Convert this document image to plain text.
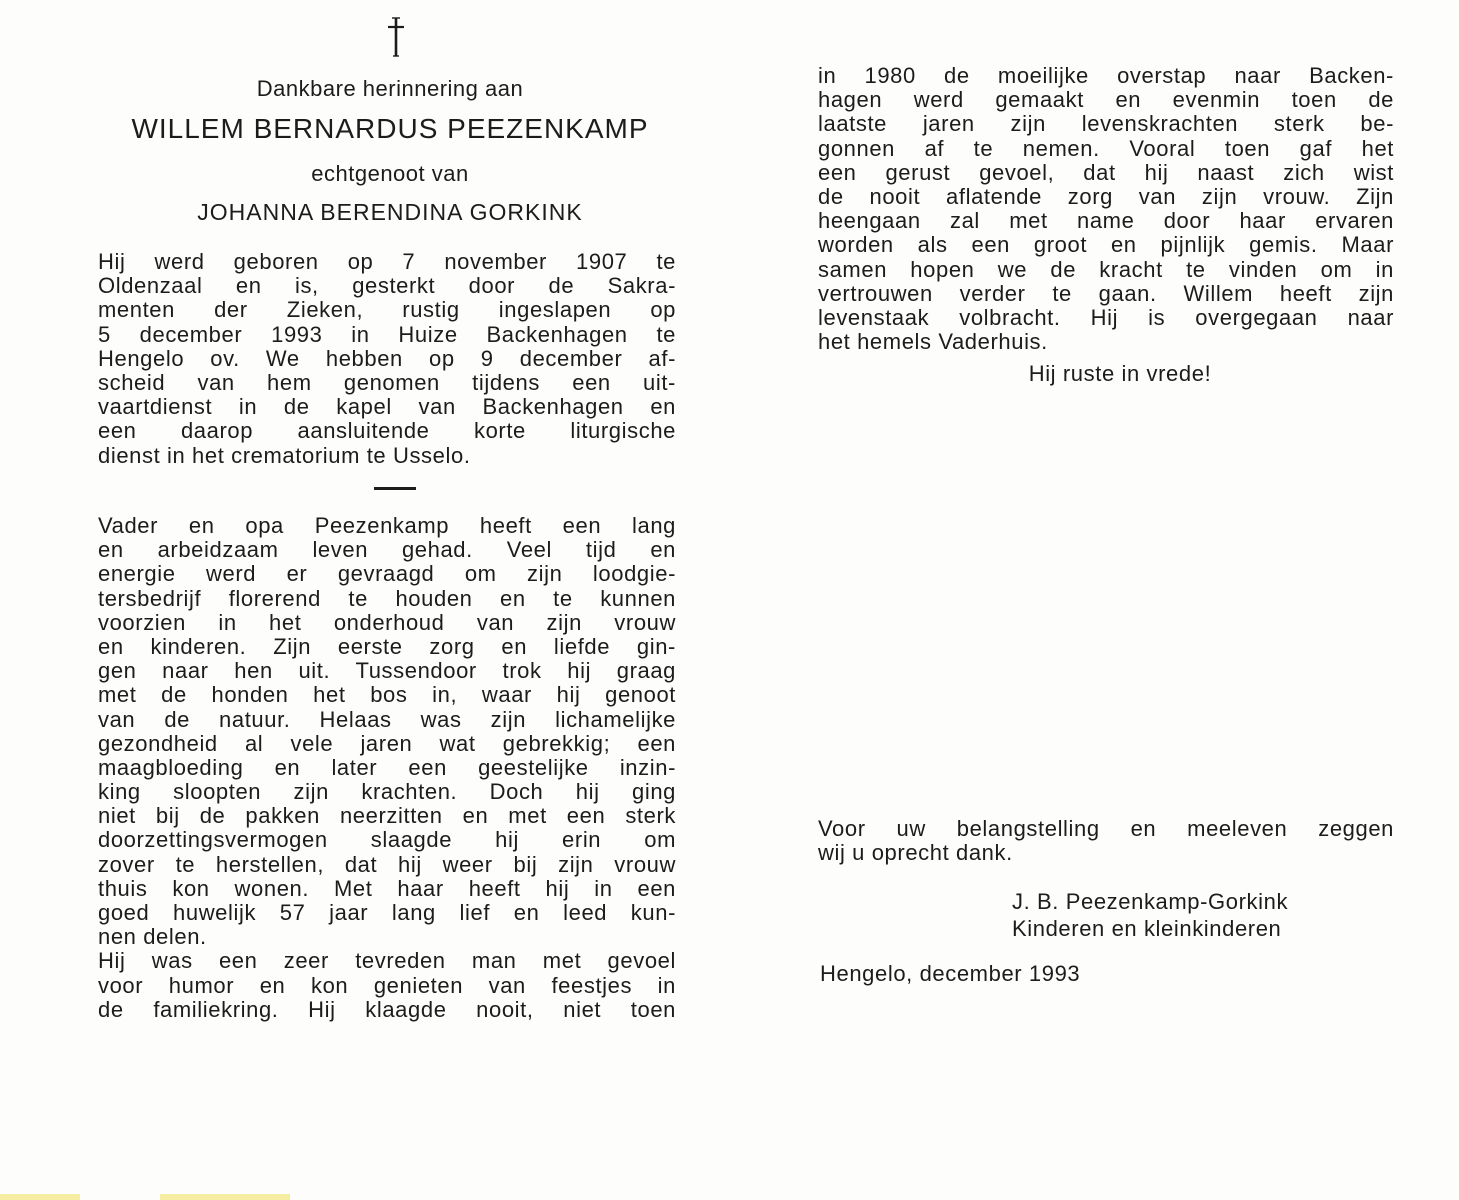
Dankbare herinnering aan
WILLEM BERNARDUS PEEZENKAMP
echtgenoot van
JOHANNA BERENDINA GORKINK
Hij werd geboren op 7 november 1907 te
Oldenzaal en is, gesterkt door de Sakra-
menten der Zieken, rustig ingeslapen op
5 december 1993 in Huize Backenhagen te
Hengelo ov. We hebben op 9 december af-
scheid van hem genomen tijdens een uit-
vaartdienst in de kapel van Backenhagen en
een daarop aansluitende korte liturgische
dienst in het crematorium te Usselo.
Vader en opa Peezenkamp heeft een lang
en arbeidzaam leven gehad. Veel tijd en
energie werd er gevraagd om zijn loodgie-
tersbedrijf florerend te houden en te kunnen
voorzien in het onderhoud van zijn vrouw
en kinderen. Zijn eerste zorg en liefde gin-
gen naar hen uit. Tussendoor trok hij graag
met de honden het bos in, waar hij genoot
van de natuur. Helaas was zijn lichamelijke
gezondheid al vele jaren wat gebrekkig; een
maagbloeding en later een geestelijke inzin-
king sloopten zijn krachten. Doch hij ging
niet bij de pakken neerzitten en met een sterk
doorzettingsvermogen slaagde hij erin om
zover te herstellen, dat hij weer bij zijn vrouw
thuis kon wonen. Met haar heeft hij in een
goed huwelijk 57 jaar lang lief en leed kun-
nen delen.
Hij was een zeer tevreden man met gevoel
voor humor en kon genieten van feestjes in
de familiekring. Hij klaagde nooit, niet toen
in 1980 de moeilijke overstap naar Backen-
hagen werd gemaakt en evenmin toen de
laatste jaren zijn levenskrachten sterk be-
gonnen af te nemen. Vooral toen gaf het
een gerust gevoel, dat hij naast zich wist
de nooit aflatende zorg van zijn vrouw. Zijn
heengaan zal met name door haar ervaren
worden als een groot en pijnlijk gemis. Maar
samen hopen we de kracht te vinden om in
vertrouwen verder te gaan. Willem heeft zijn
levenstaak volbracht. Hij is overgegaan naar
het hemels Vaderhuis.
Hij ruste in vrede!
Voor uw belangstelling en meeleven zeggen
wij u oprecht dank.
J. B. Peezenkamp-Gorkink
Kinderen en kleinkinderen
Hengelo, december 1993
